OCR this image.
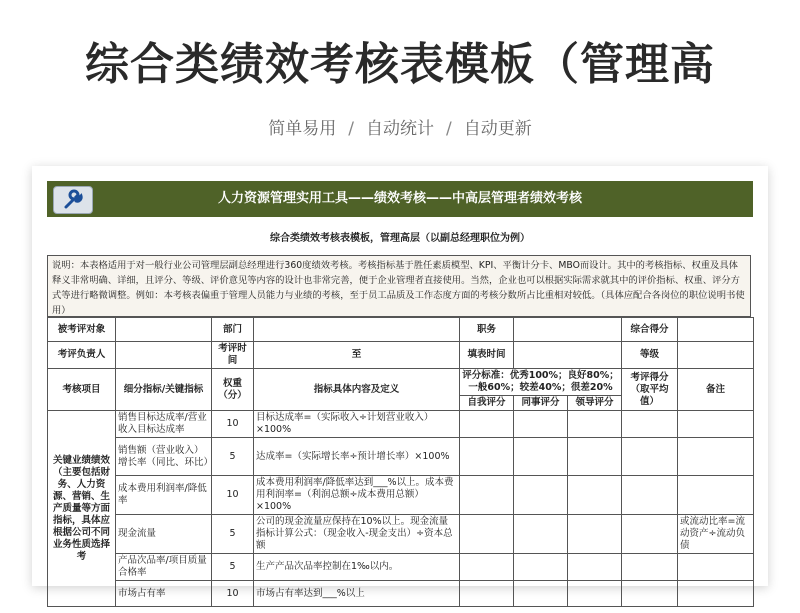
综合类绩效考核表模板（管理高
简单易用 / 自动统计 / 自动更新
人力资源管理实用工具——绩效考核——中高层管理者绩效考核
综合类绩效考核表模板，管理高层（以副总经理职位为例）
说明：本表格适用于对一般行业公司管理层副总经理进行360度绩效考核。考核指标基于胜任素质模型、KPI、平衡计分卡、MBO而设计。其中的考核指标、权重及具体释义非常明确、详细，且评分、等级、评价意见等内容的设计也非常完善，便于企业管理者直接使用。当然，企业也可以根据实际需求就其中的评价指标、权重、评分方式等进行略微调整。例如：本考核表偏重于管理人员能力与业绩的考核，至于员工品质及工作态度方面的考核分数所占比重相对较低。（具体应配合各岗位的职位说明书使用）
被考评对象		部门		职务			综合得分	
考评负责人		考评时间	至	填表时间			等级	
考核项目	细分指标/关键指标	权重（分）	指标具体内容及定义	评分标准：优秀100%；良好80%；一般60%；较差40%；很差20%			考评得分（取平均值）	备注
				自我评分	同事评分	领导评分		
关键业绩绩效（主要包括财务、人力资源、营销、生产质量等方面指标，具体应根据公司不同业务性质选择考	销售目标达成率/营业收入目标达成率	10	目标达成率=（实际收入÷计划营业收入）×100%					
	销售额（营业收入）增长率（同比、环比）	5	达成率=（实际增长率÷预计增长率）×100%					
	成本费用利润率/降低率	10	成本费用利润率/降低率达到___%以上。成本费用利润率=（利润总额÷成本费用总额）×100%					
	现金流量	5	公司的现金流量应保持在10%以上。现金流量指标计算公式：（现金收入-现金支出）÷资本总额					或流动比率=流动资产÷流动负债
	产品次品率/项目质量合格率	5	生产产品次品率控制在1‰以内。					
	市场占有率	10	市场占有率达到___%以上					
